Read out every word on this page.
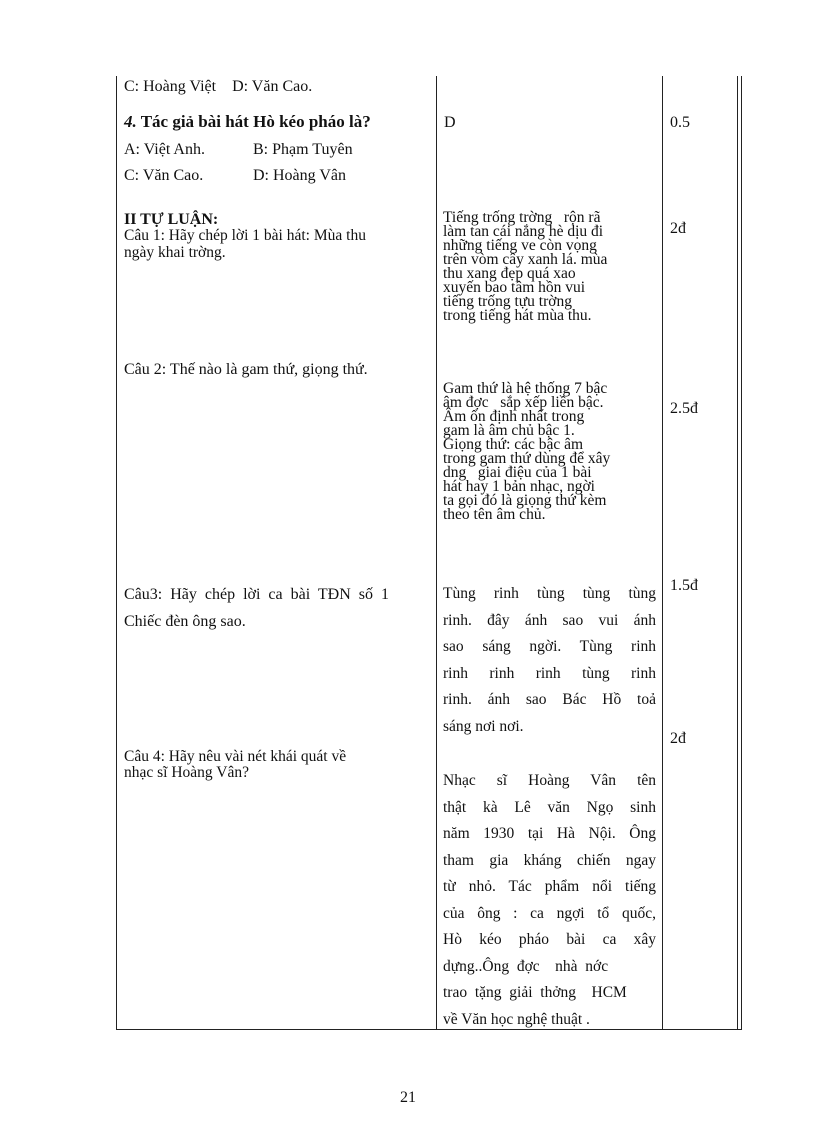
C: Hoàng Việt    D: Văn Cao.
4. Tác giả bài hát Hò kéo pháo là?
A: Việt Anh.	B: Phạm Tuyên
C: Văn Cao.	D: Hoàng Vân
II TỰ LUẬN:
Câu 1: Hãy chép lời 1 bài hát: Mùa thu
ngày khai trờng.
Câu 2: Thế nào là gam thứ, giọng thứ.
Câu3:  Hãy  chép  lời  ca  bài  TĐN  số  1
Chiếc đèn ông sao.
Câu 4: Hãy nêu vài nét khái quát về
nhạc sĩ Hoàng Vân?
D
Tiếng trống trờng   rộn rã
làm tan cái nắng hè dịu đi
những tiếng ve còn vọng
trên vòm cây xanh lá. mùa
thu xang đẹp quá xao
xuyến bao tâm hồn vui
tiếng trống tựu trờng
trong tiếng hát mùa thu.
Gam thứ là hệ thống 7 bậc
âm đợc   sắp xếp liền bậc.
Âm ổn định nhất trong
gam là âm chủ bậc 1.
Giọng thứ: các bậc âm
trong gam thứ dùng để xây
dng   giai điệu của 1 bài
hát hay 1 bản nhạc, ngời
ta gọi đó là giọng thứ kèm
theo tên âm chủ.
Tùng rinh tùng tùng tùng
rinh. đây ánh sao vui ánh
sao sáng ngời. Tùng rinh
rinh rinh rinh tùng rinh
rinh. ánh sao Bác Hồ toả
sáng nơi nơi.
Nhạc sĩ Hoàng Vân tên
thật kà Lê văn Ngọ sinh
năm 1930 tại Hà Nội. Ông
tham gia kháng chiến ngay
từ nhỏ. Tác phẩm nổi tiếng
của ông : ca ngợi tổ quốc,
Hò kéo pháo bài ca xây
dựng..Ông  đợc    nhà  nớc
trao  tặng  giải  thởng    HCM
về Văn học nghệ thuật .
0.5
2đ
2.5đ
1.5đ
2đ
21
